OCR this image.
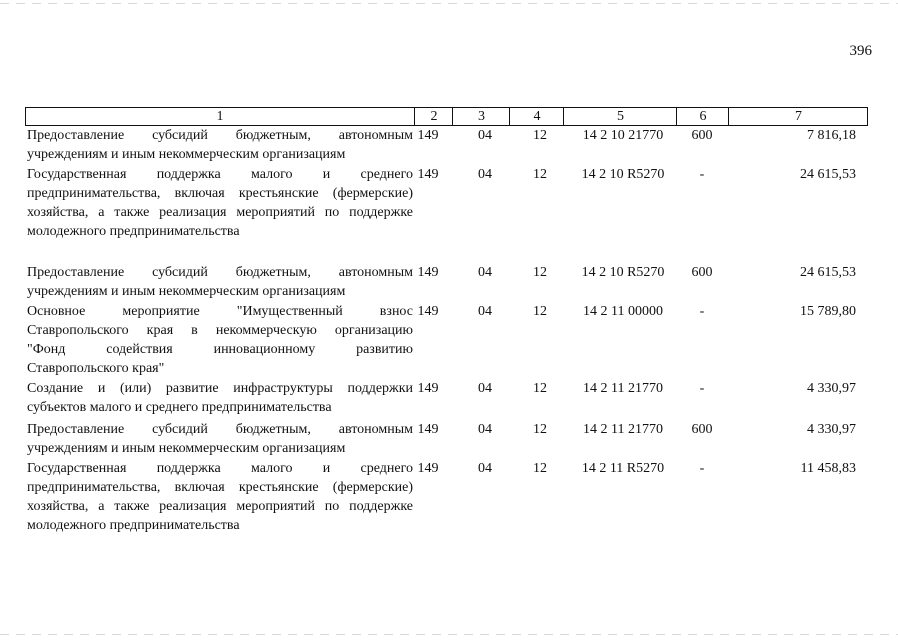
396
1	2	3	4	5	6	7
Предоставление субсидий бюджетным, автономным
учреждениям и иным некоммерческим организациям
149	04	12	14 2 10 21770	600	7 816,18
Государственная поддержка малого и среднего
предпринимательства, включая крестьянские (фермерские)
хозяйства, а также реализация мероприятий по поддержке
молодежного предпринимательства
149	04	12	14 2 10 R5270	-	24 615,53
Предоставление субсидий бюджетным, автономным
учреждениям и иным некоммерческим организациям
149	04	12	14 2 10 R5270	600	24 615,53
Основное мероприятие "Имущественный взнос
Ставропольского края в некоммерческую организацию
"Фонд содействия инновационному развитию
Ставропольского края"
149	04	12	14 2 11 00000	-	15 789,80
Создание и (или) развитие инфраструктуры поддержки
субъектов малого и среднего предпринимательства
149	04	12	14 2 11 21770	-	4 330,97
Предоставление субсидий бюджетным, автономным
учреждениям и иным некоммерческим организациям
149	04	12	14 2 11 21770	600	4 330,97
Государственная поддержка малого и среднего
предпринимательства, включая крестьянские (фермерские)
хозяйства, а также реализация мероприятий по поддержке
молодежного предпринимательства
149	04	12	14 2 11 R5270	-	11 458,83
